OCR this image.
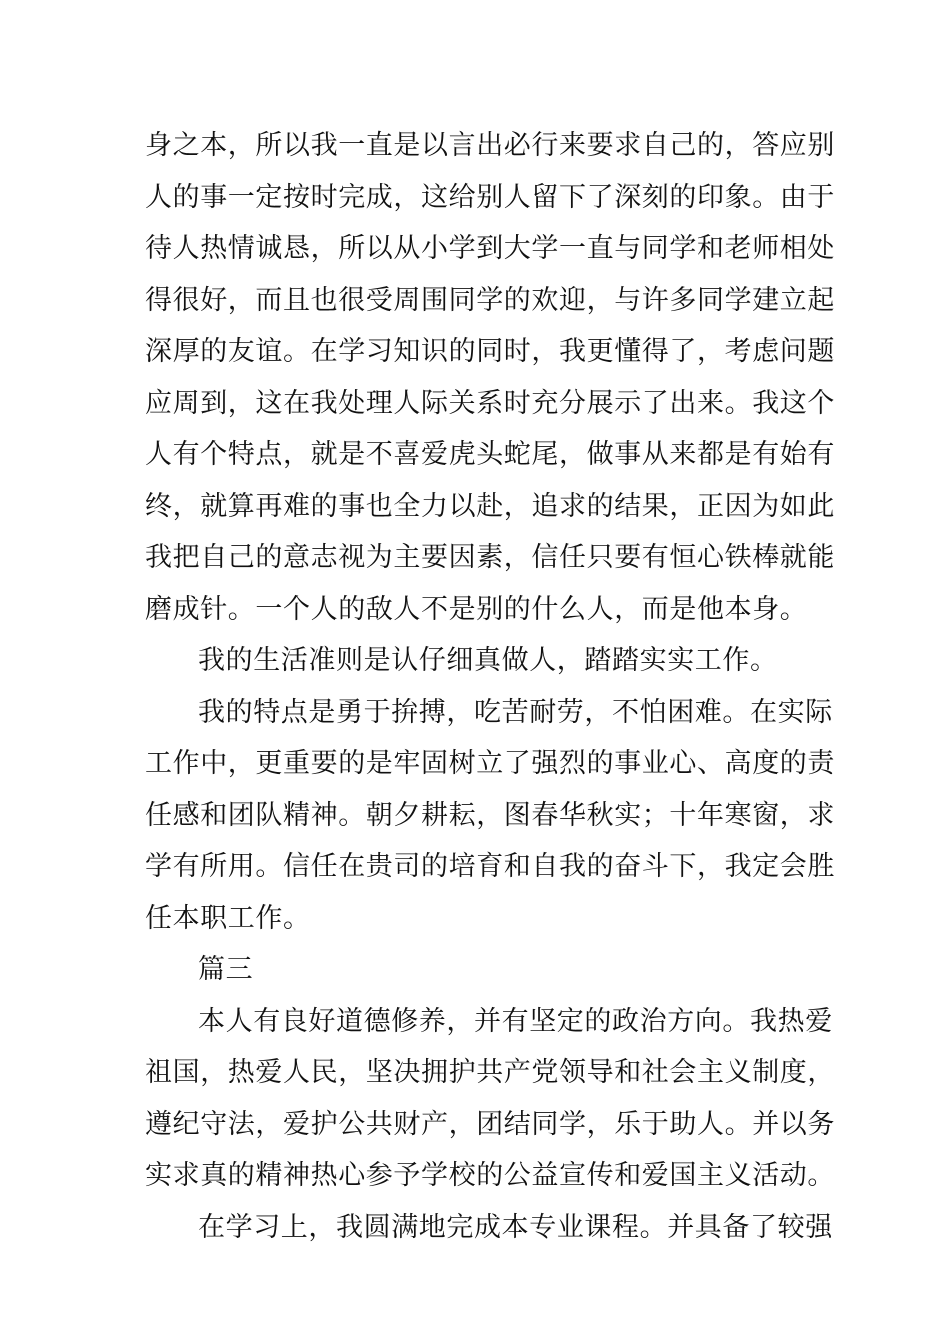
身之本，所以我一直是以言出必行来要求自己的，答应别
人的事一定按时完成，这给别人留下了深刻的印象。由于
待人热情诚恳，所以从小学到大学一直与同学和老师相处
得很好，而且也很受周围同学的欢迎，与许多同学建立起
深厚的友谊。在学习知识的同时，我更懂得了，考虑问题
应周到，这在我处理人际关系时充分展示了出来。我这个
人有个特点，就是不喜爱虎头蛇尾，做事从来都是有始有
终，就算再难的事也全力以赴，追求的结果，正因为如此
我把自己的意志视为主要因素，信任只要有恒心铁棒就能
磨成针。一个人的敌人不是别的什么人，而是他本身。

我的生活准则是认仔细真做人，踏踏实实工作。

我的特点是勇于拚搏，吃苦耐劳，不怕困难。在实际
工作中，更重要的是牢固树立了强烈的事业心、高度的责
任感和团队精神。朝夕耕耘，图春华秋实；十年寒窗，求
学有所用。信任在贵司的培育和自我的奋斗下，我定会胜
任本职工作。

篇三

本人有良好道德修养，并有坚定的政治方向。我热爱
祖国，热爱人民，坚决拥护共产党领导和社会主义制度，
遵纪守法，爱护公共财产，团结同学，乐于助人。并以务
实求真的精神热心参予学校的公益宣传和爱国主义活动。

在学习上，我圆满地完成本专业课程。并具备了较强
